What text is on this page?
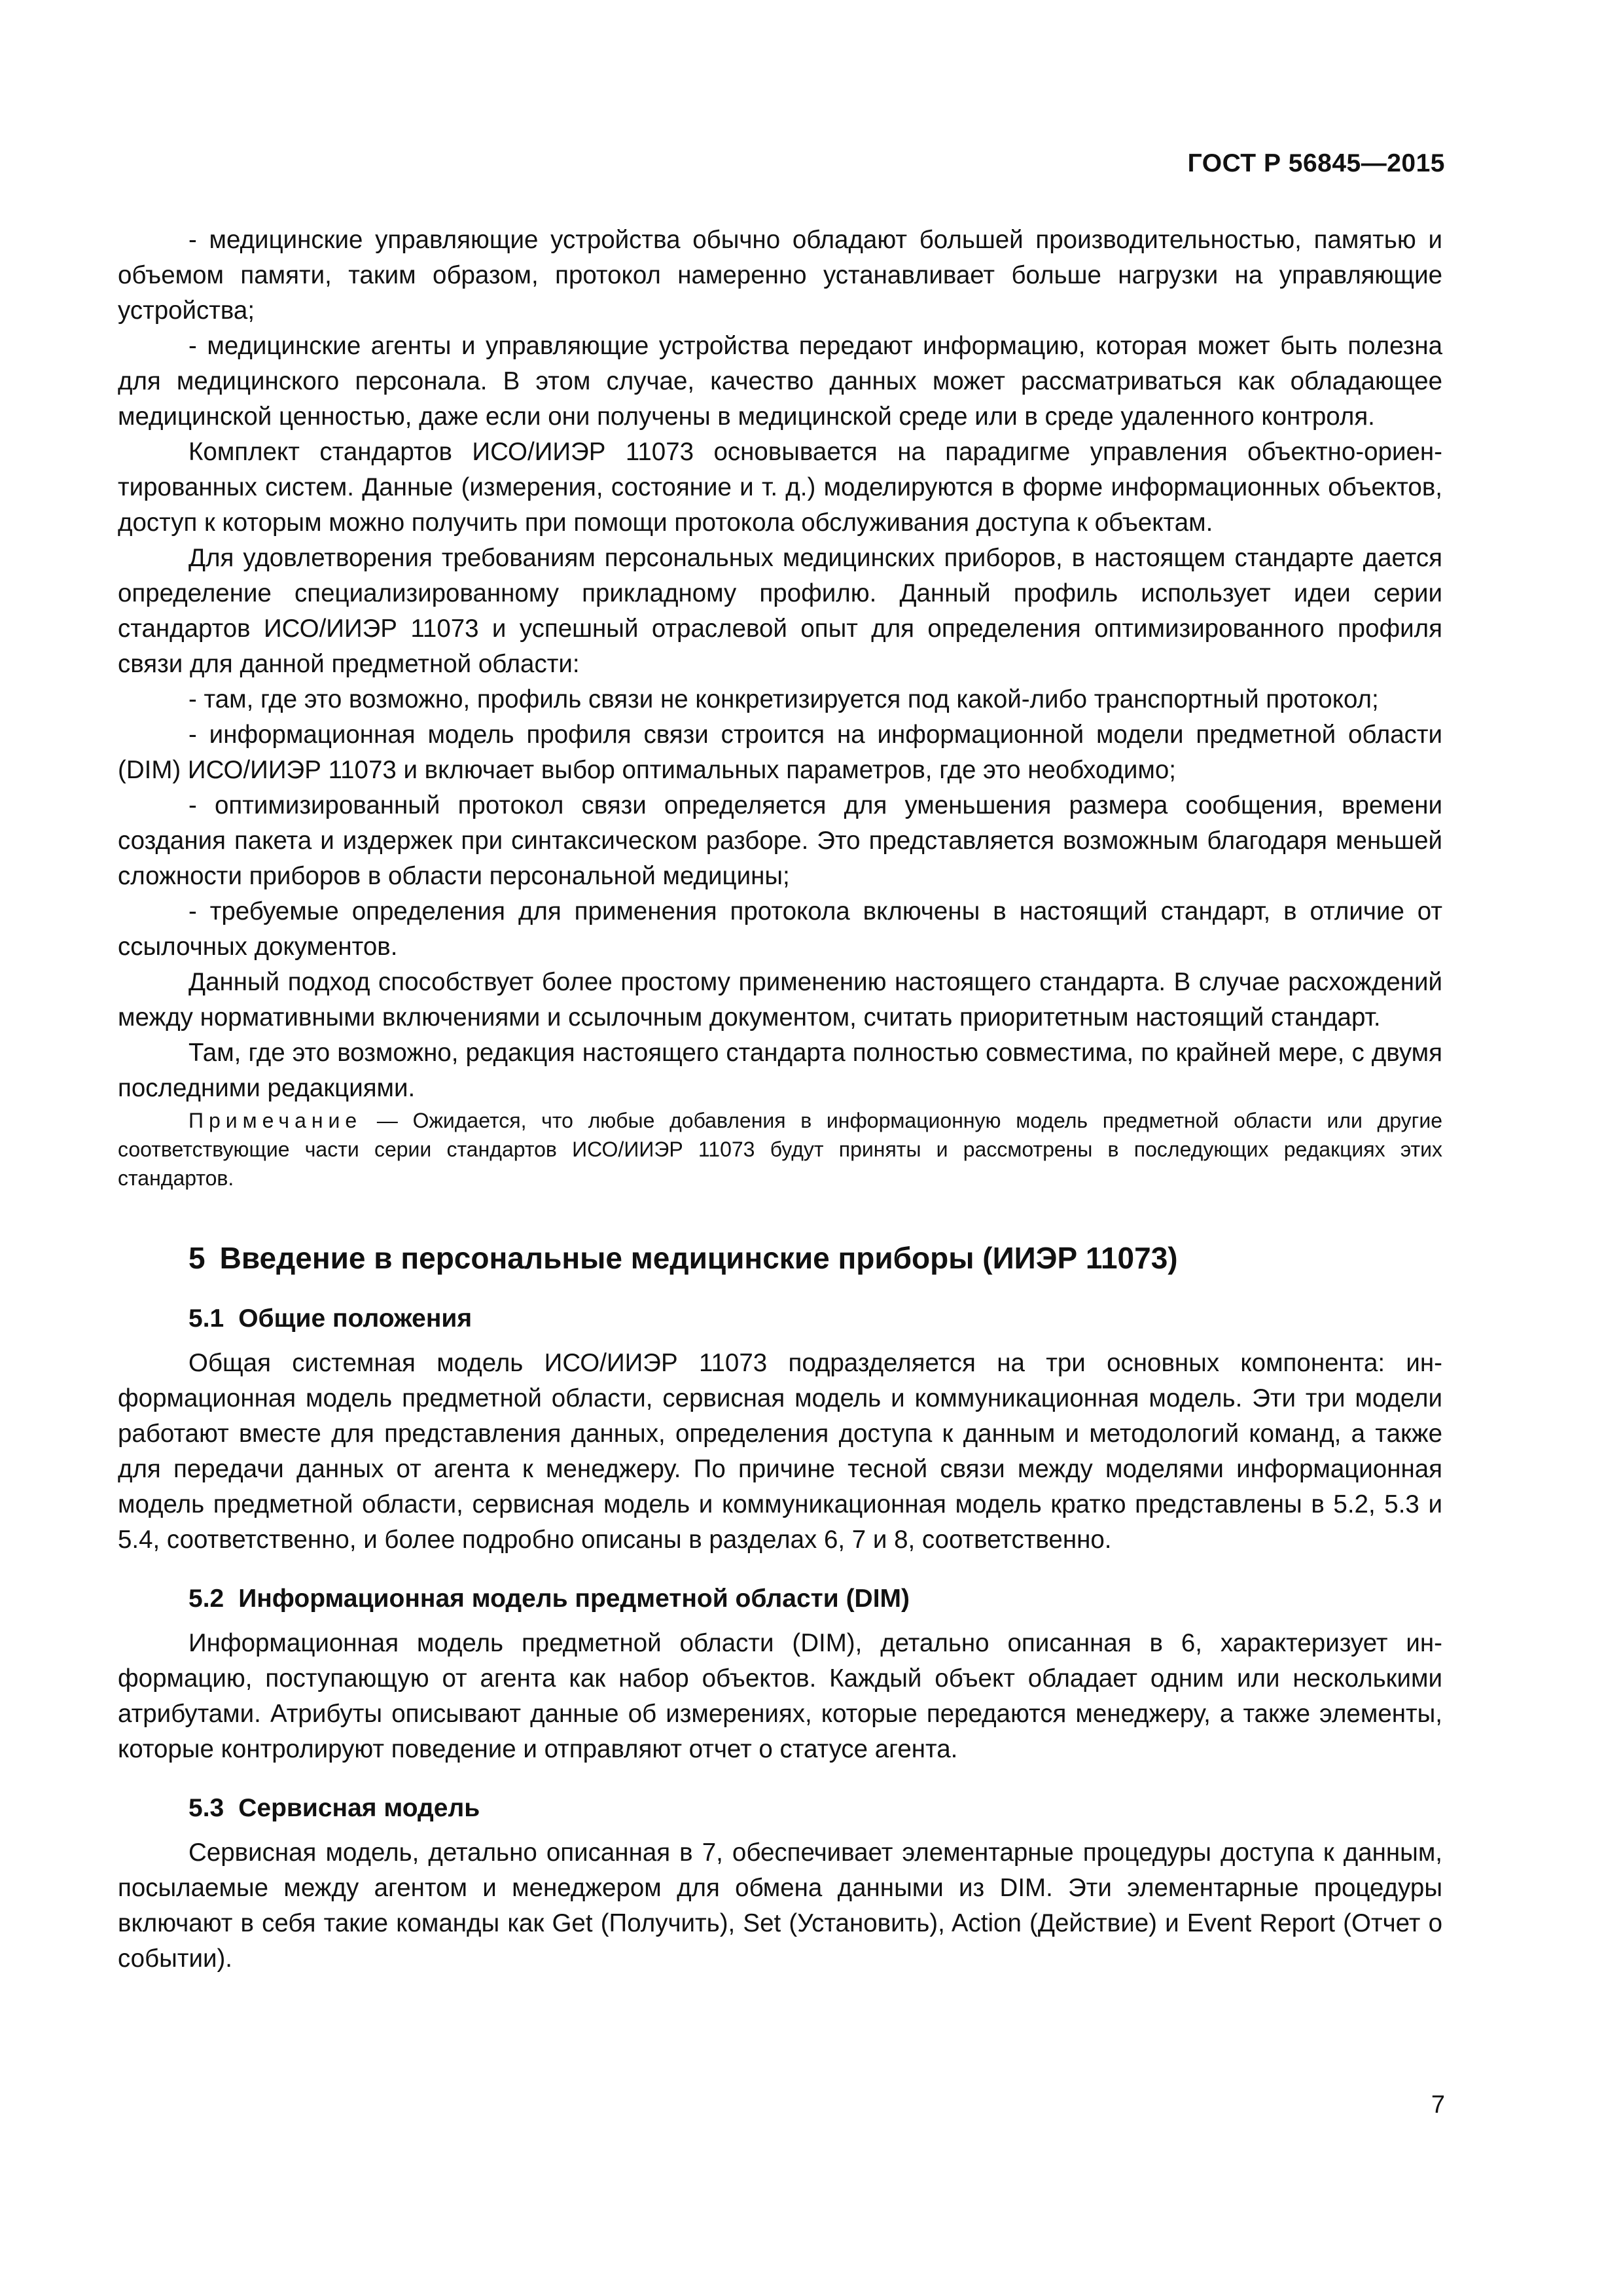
ГОСТ Р 56845—2015

- медицинские управляющие устройства обычно обладают большей производительностью, памятью и объемом памяти, таким образом, протокол намеренно устанавливает больше нагрузки на управляющие устройства;

- медицинские агенты и управляющие устройства передают информацию, которая может быть полезна для медицинского персонала. В этом случае, качество данных может рассматриваться как обладающее медицинской ценностью, даже если они получены в медицинской среде или в среде удаленного контроля.

Комплект стандартов ИСО/ИИЭР 11073 основывается на парадигме управления объектно-ориентированных систем. Данные (измерения, состояние и т. д.) моделируются в форме информационных объектов, доступ к которым можно получить при помощи протокола обслуживания доступа к объектам.

Для удовлетворения требованиям персональных медицинских приборов, в настоящем стандарте дается определение специализированному прикладному профилю. Данный профиль использует идеи серии стандартов ИСО/ИИЭР 11073 и успешный отраслевой опыт для определения оптимизированного профиля связи для данной предметной области:

- там, где это возможно, профиль связи не конкретизируется под какой-либо транспортный протокол;

- информационная модель профиля связи строится на информационной модели предметной области (DIM) ИСО/ИИЭР 11073 и включает выбор оптимальных параметров, где это необходимо;

- оптимизированный протокол связи определяется для уменьшения размера сообщения, времени создания пакета и издержек при синтаксическом разборе. Это представляется возможным благодаря меньшей сложности приборов в области персональной медицины;

- требуемые определения для применения протокола включены в настоящий стандарт, в отличие от ссылочных документов.

Данный подход способствует более простому применению настоящего стандарта. В случае расхождений между нормативными включениями и ссылочным документом, считать приоритетным настоящий стандарт.

Там, где это возможно, редакция настоящего стандарта полностью совместима, по крайней мере, с двумя последними редакциями.

Примечание — Ожидается, что любые добавления в информационную модель предметной области или другие соответствующие части серии стандартов ИСО/ИИЭР 11073 будут приняты и рассмотрены в последующих редакциях этих стандартов.

5 Введение в персональные медицинские приборы (ИИЭР 11073)
5.1 Общие положения

Общая системная модель ИСО/ИИЭР 11073 подразделяется на три основных компонента: информационная модель предметной области, сервисная модель и коммуникационная модель. Эти три модели работают вместе для представления данных, определения доступа к данным и методологий команд, а также для передачи данных от агента к менеджеру. По причине тесной связи между моделями информационная модель предметной области, сервисная модель и коммуникационная модель кратко представлены в 5.2, 5.3 и 5.4, соответственно, и более подробно описаны в разделах 6, 7 и 8, соответственно.

5.2 Информационная модель предметной области (DIM)

Информационная модель предметной области (DIM), детально описанная в 6, характеризует информацию, поступающую от агента как набор объектов. Каждый объект обладает одним или несколькими атрибутами. Атрибуты описывают данные об измерениях, которые передаются менеджеру, а также элементы, которые контролируют поведение и отправляют отчет о статусе агента.

5.3 Сервисная модель

Сервисная модель, детально описанная в 7, обеспечивает элементарные процедуры доступа к данным, посылаемые между агентом и менеджером для обмена данными из DIM. Эти элементарные процедуры включают в себя такие команды как Get (Получить), Set (Установить), Action (Действие) и Event Report (Отчет о событии).

7
